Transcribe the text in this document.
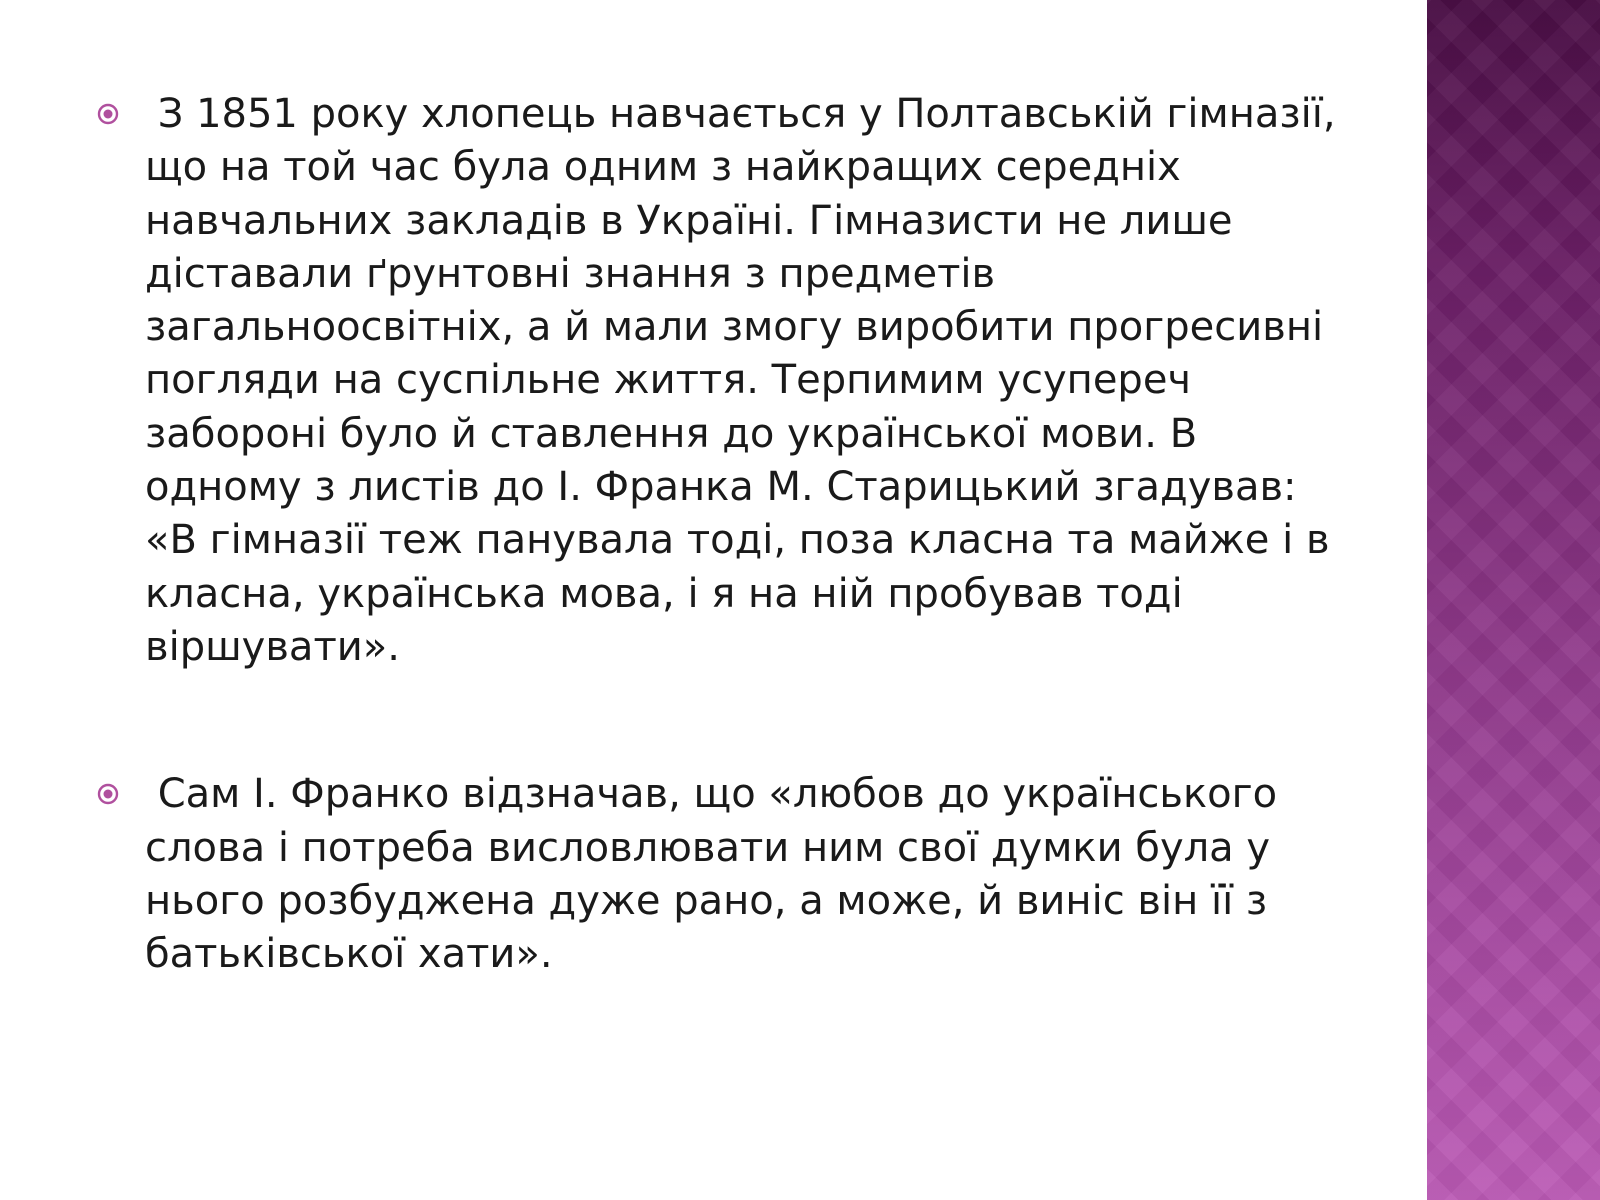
З 1851 року хлопець навчається у Полтавській гімназії, що на той час була одним з найкращих середніх навчальних закладів в Україні. Гімназисти не лише діставали ґрунтовні знання з предметів загальноосвітніх, а й мали змогу виробити прогресивні погляди на суспільне життя. Терпимим усупереч забороні було й ставлення до української мови. В одному з листів до І. Франка М. Старицький згадував: «В гімназії теж панувала тоді, поза класна та майже і в класна, українська мова, і я на ній пробував тоді віршувати».

Сам І. Франко відзначав, що «любов до українського слова і потреба висловлювати ним свої думки була у нього розбуджена дуже рано, а може, й виніс він її з батьківської хати».
